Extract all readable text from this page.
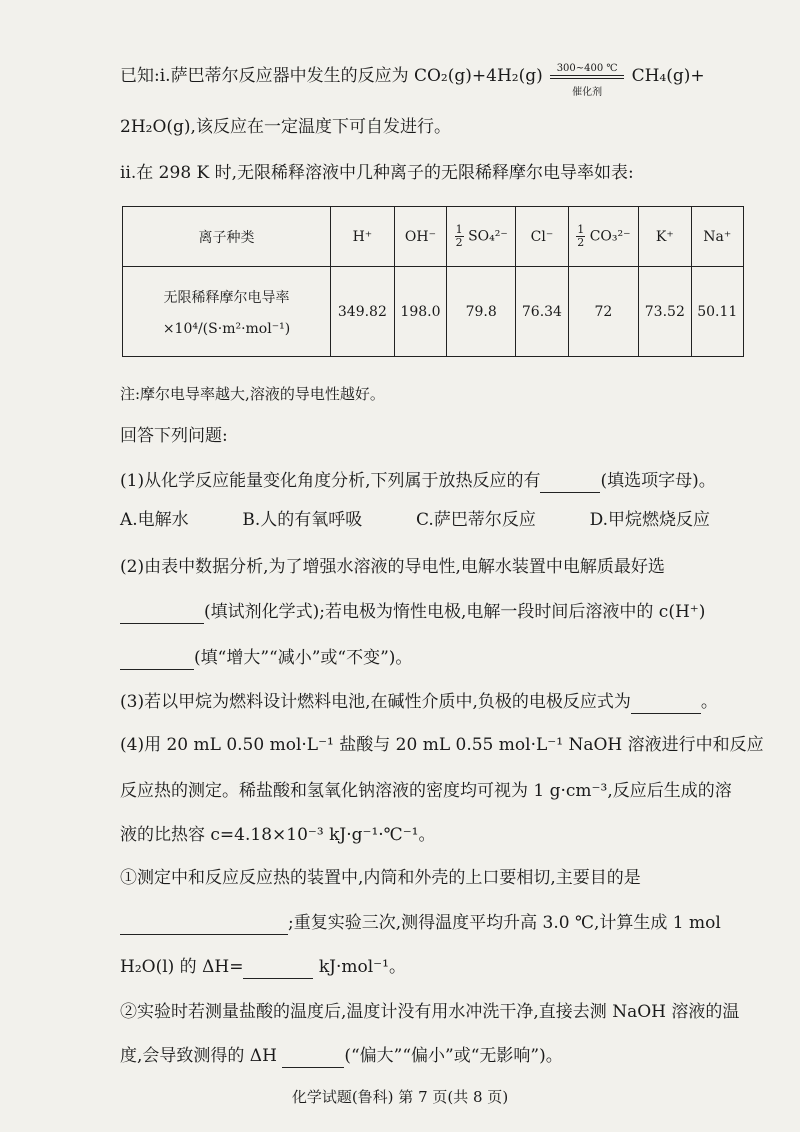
已知:ⅰ.萨巴蒂尔反应器中发生的反应为 CO₂(g)+4H₂(g)	300~400 ℃
催化剂
CH₄(g)+
2H₂O(g),该反应在一定温度下可自发进行。
ⅱ.在 298 K 时,无限稀释溶液中几种离子的无限稀释摩尔电导率如表:
离子种类	H⁺	OH⁻	$\frac{1}{2} SO_4^{2-}$	Cl⁻	$\frac{1}{2} CO_3^{2-}$	K⁺	Na⁺

无限稀释摩尔电导率
×10⁴/(S·m²·mol⁻¹)	349.82	198.0	79.8	76.34	72	73.52	50.11
注:摩尔电导率越大,溶液的导电性越好。
回答下列问题:
(1)从化学反应能量变化角度分析,下列属于放热反应的有	(填选项字母)。
A.电解水	B.人的有氧呼吸	C.萨巴蒂尔反应	D.甲烷燃烧反应
(2)由表中数据分析,为了增强水溶液的导电性,电解水装置中电解质最好选
(填试剂化学式);若电极为惰性电极,电解一段时间后溶液中的 c(H⁺)
(填“增大”“减小”或“不变”)。
(3)若以甲烷为燃料设计燃料电池,在碱性介质中,负极的电极反应式为	。
(4)用 20 mL 0.50 mol·L⁻¹ 盐酸与 20 mL 0.55 mol·L⁻¹ NaOH 溶液进行中和反应
反应热的测定。稀盐酸和氢氧化钠溶液的密度均可视为 1 g·cm⁻³,反应后生成的溶
液的比热容 c=4.18×10⁻³ kJ·g⁻¹·℃⁻¹。
①测定中和反应反应热的装置中,内筒和外壳的上口要相切,主要目的是
;重复实验三次,测得温度平均升高 3.0 ℃,计算生成 1 mol
H₂O(l) 的 ΔH=	kJ·mol⁻¹。
②实验时若测量盐酸的温度后,温度计没有用水冲洗干净,直接去测 NaOH 溶液的温
度,会导致测得的 ΔH	(“偏大”“偏小”或“无影响”)。
化学试题(鲁科) 第 7 页(共 8 页)
